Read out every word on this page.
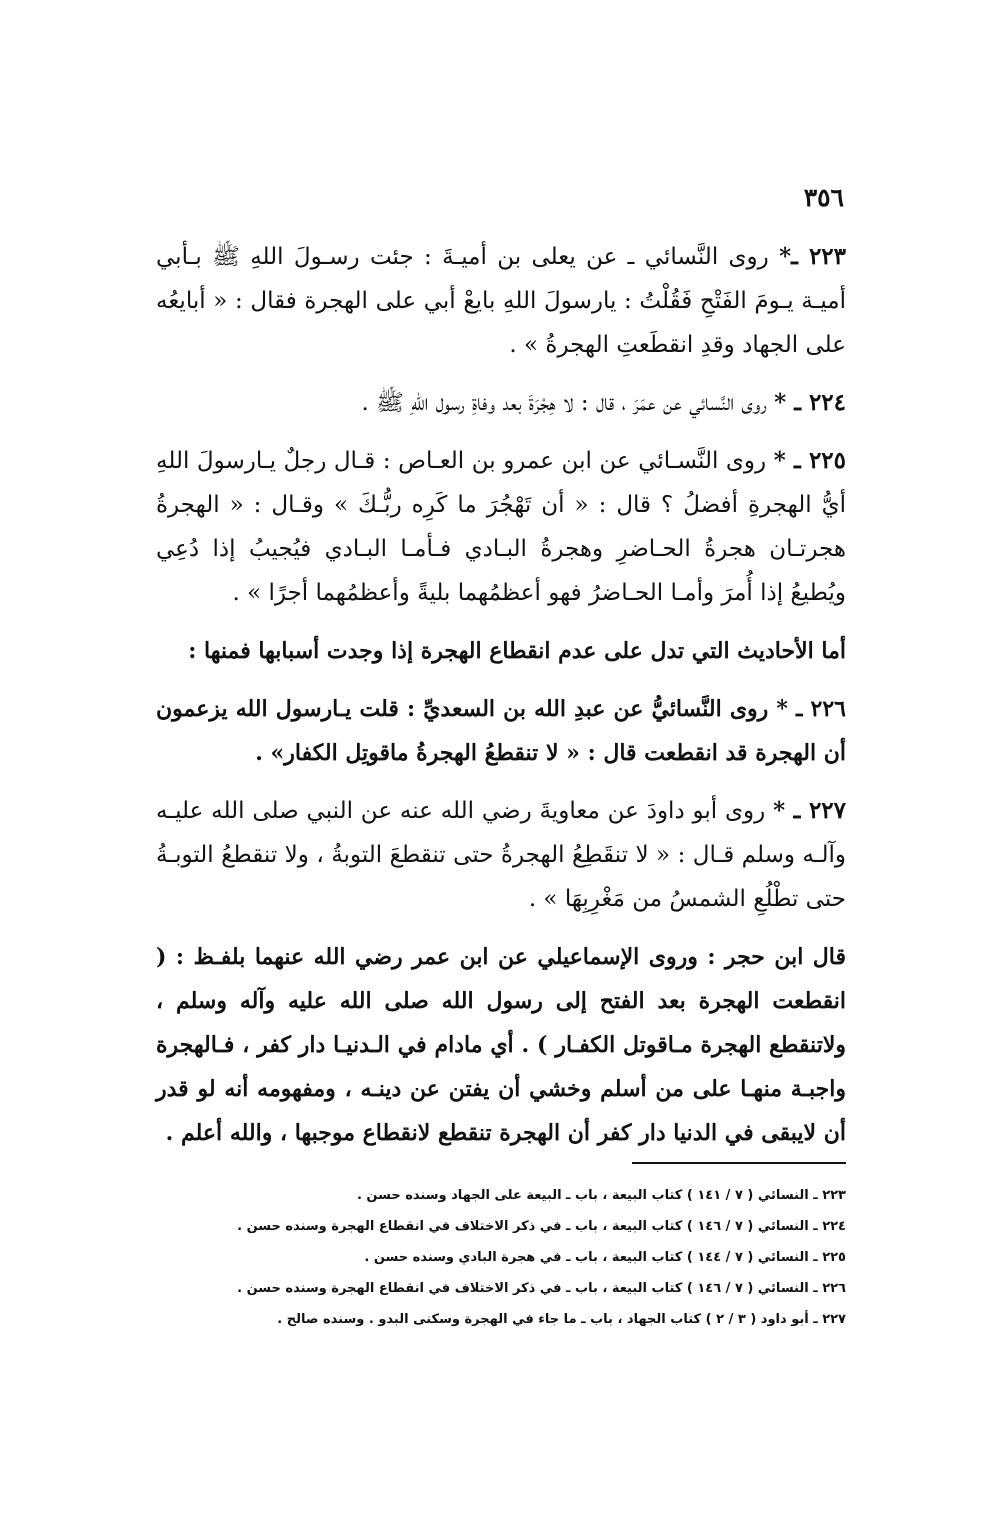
٣٥٦

٢٢٣ ـ* روى النَّسائي ـ عن يعلى بن أميـةَ : جئت رسـولَ اللهِ ﷺ بـأبي أميـة يـومَ الفَتْحِ فَقُلْتُ : يارسولَ اللهِ بايعْ أبي على الهجرة فقال : « أبايعُه على الجهاد وقدِ انقطَعتِ الهجرةُ » .

٢٢٤ ـ * روى النَّسائي عن عمَرَ ، قال : لا هِجْرَةَ بعد وفاةِ رسول اللهِ ﷺ .

٢٢٥ ـ * روى النَّسـائي عن ابن عمرو بن العـاص : قـال رجلٌ يـارسولَ اللهِ أيُّ الهجرةِ أفضلُ ؟ قال : « أن تَهْجُرَ ما كَرِه ربُّـكَ » وقـال : « الهجرةُ هجرتـان هجرةُ الحـاضرِ وهجرةُ البـادي فـأمـا البـادي فيُجيبُ إذا دُعِي ويُطيعُ إذا أُمرَ وأمـا الحـاضرُ فهو أعظمُهما بليةً وأعظمُهما أجرًا » .

أما الأحاديث التي تدل على عدم انقطاع الهجرة إذا وجدت أسبابها فمنها :

٢٢٦ ـ * روى النَّسائيُّ عن عبدِ الله بن السعديِّ : قلت يـارسول الله يزعمون أن الهجرة قد انقطعت قال : « لا تنقطعُ الهجرةُ ماقوتِل الكفار» .

٢٢٧ ـ * روى أبو داودَ عن معاويةَ رضي الله عنه عن النبي صلى الله عليـه وآلـه وسلم قـال : « لا تنقَطِعُ الهجرةُ حتى تنقطعَ التوبةُ ، ولا تنقطعُ التوبـةُ حتى تطْلُعِ الشمسُ من مَغْرِبِهَا » .

قال ابن حجر : وروى الإسماعيلي عن ابن عمر رضي الله عنهما بلفـظ : ( انقطعت الهجرة بعد الفتح إلى رسول الله صلى الله عليه وآله وسلم ، ولاتنقطع الهجرة مـاقوتل الكفـار ) . أي مادام في الـدنيـا دار كفر ، فـالهجرة واجبـة منهـا على من أسلم وخشي أن يفتن عن دينـه ، ومفهومه أنه لو قدر أن لايبقى في الدنيا دار كفر أن الهجرة تنقطع لانقطاع موجبها ، والله أعلم .

٢٢٣ ـ النسائي ( ٧ / ١٤١ ) كتاب البيعة ، باب ـ البيعة على الجهاد وسنده حسن .

٢٢٤ ـ النسائي ( ٧ / ١٤٦ ) كتاب البيعة ، باب ـ في ذكر الاختلاف في انقطاع الهجرة وسنده حسن .

٢٢٥ ـ النسائي ( ٧ / ١٤٤ ) كتاب البيعة ، باب ـ في هجرة البادي وسنده حسن .

٢٢٦ ـ النسائي ( ٧ / ١٤٦ ) كتاب البيعة ، باب ـ في ذكر الاختلاف في انقطاع الهجرة وسنده حسن .

٢٢٧ ـ أبو داود ( ٣ / ٢ ) كتاب الجهاد ، باب ـ ما جاء في الهجرة وسكنى البدو . وسنده صالح .
